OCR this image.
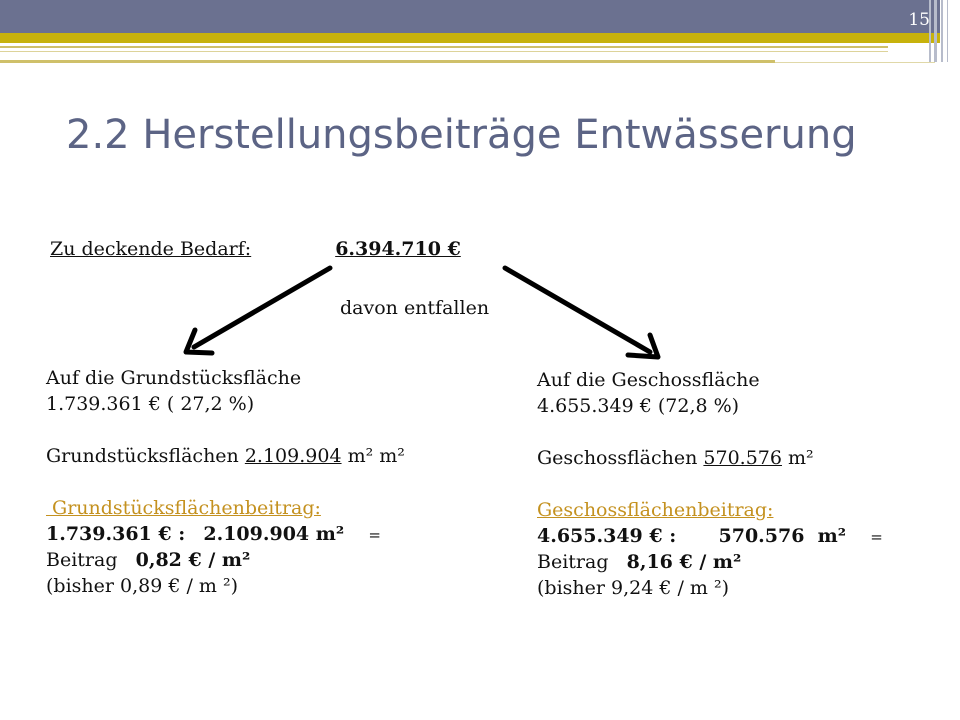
15
2.2 Herstellungsbeiträge Entwässerung
Zu deckende Bedarf:	6.394.710 €
davon entfallen
Auf die Grundstücksfläche
1.739.361 € ( 27,2 %)
Grundstücksflächen 2.109.904 m² m²
Grundstücksflächenbeitrag:
1.739.361 € : 2.109.904 m² =
Beitrag 0,82 € / m²
(bisher 0,89 € / m ²)
Auf die Geschossfläche
4.655.349 € (72,8 %)
Geschossflächen 570.576 m²
Geschossflächenbeitrag:
4.655.349 € : 570.576  m² =
Beitrag 8,16 € / m²
(bisher 9,24 € / m ²)
